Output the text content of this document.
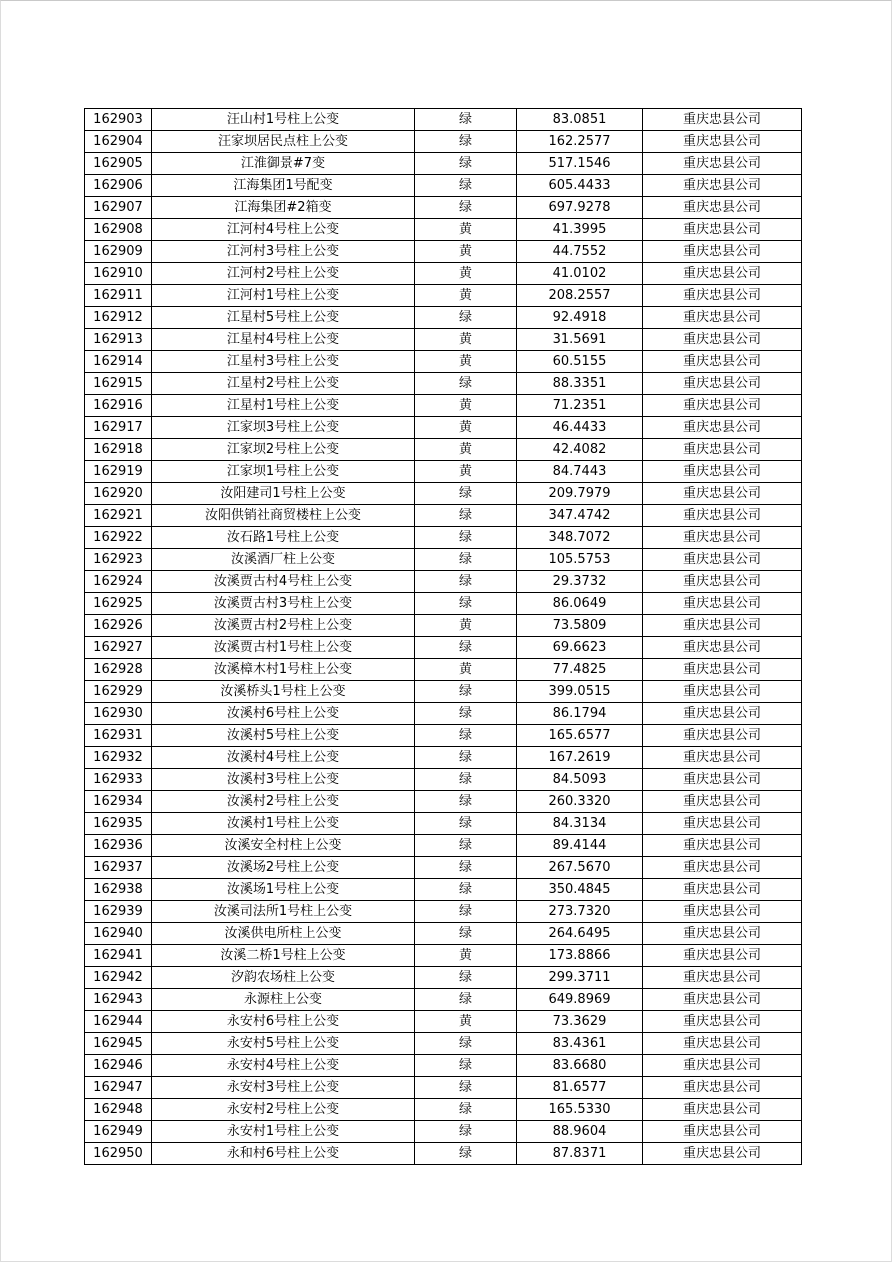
162903	汪山村1号柱上公变	绿	83.0851	重庆忠县公司
162904	汪家坝居民点柱上公变	绿	162.2577	重庆忠县公司
162905	江淮御景#7变	绿	517.1546	重庆忠县公司
162906	江海集团1号配变	绿	605.4433	重庆忠县公司
162907	江海集团#2箱变	绿	697.9278	重庆忠县公司
162908	江河村4号柱上公变	黄	41.3995	重庆忠县公司
162909	江河村3号柱上公变	黄	44.7552	重庆忠县公司
162910	江河村2号柱上公变	黄	41.0102	重庆忠县公司
162911	江河村1号柱上公变	黄	208.2557	重庆忠县公司
162912	江星村5号柱上公变	绿	92.4918	重庆忠县公司
162913	江星村4号柱上公变	黄	31.5691	重庆忠县公司
162914	江星村3号柱上公变	黄	60.5155	重庆忠县公司
162915	江星村2号柱上公变	绿	88.3351	重庆忠县公司
162916	江星村1号柱上公变	黄	71.2351	重庆忠县公司
162917	江家坝3号柱上公变	黄	46.4433	重庆忠县公司
162918	江家坝2号柱上公变	黄	42.4082	重庆忠县公司
162919	江家坝1号柱上公变	黄	84.7443	重庆忠县公司
162920	汝阳建司1号柱上公变	绿	209.7979	重庆忠县公司
162921	汝阳供销社商贸楼柱上公变	绿	347.4742	重庆忠县公司
162922	汝石路1号柱上公变	绿	348.7072	重庆忠县公司
162923	汝溪酒厂柱上公变	绿	105.5753	重庆忠县公司
162924	汝溪贾古村4号柱上公变	绿	29.3732	重庆忠县公司
162925	汝溪贾古村3号柱上公变	绿	86.0649	重庆忠县公司
162926	汝溪贾古村2号柱上公变	黄	73.5809	重庆忠县公司
162927	汝溪贾古村1号柱上公变	绿	69.6623	重庆忠县公司
162928	汝溪樟木村1号柱上公变	黄	77.4825	重庆忠县公司
162929	汝溪桥头1号柱上公变	绿	399.0515	重庆忠县公司
162930	汝溪村6号柱上公变	绿	86.1794	重庆忠县公司
162931	汝溪村5号柱上公变	绿	165.6577	重庆忠县公司
162932	汝溪村4号柱上公变	绿	167.2619	重庆忠县公司
162933	汝溪村3号柱上公变	绿	84.5093	重庆忠县公司
162934	汝溪村2号柱上公变	绿	260.3320	重庆忠县公司
162935	汝溪村1号柱上公变	绿	84.3134	重庆忠县公司
162936	汝溪安全村柱上公变	绿	89.4144	重庆忠县公司
162937	汝溪场2号柱上公变	绿	267.5670	重庆忠县公司
162938	汝溪场1号柱上公变	绿	350.4845	重庆忠县公司
162939	汝溪司法所1号柱上公变	绿	273.7320	重庆忠县公司
162940	汝溪供电所柱上公变	绿	264.6495	重庆忠县公司
162941	汝溪二桥1号柱上公变	黄	173.8866	重庆忠县公司
162942	汐韵农场柱上公变	绿	299.3711	重庆忠县公司
162943	永源柱上公变	绿	649.8969	重庆忠县公司
162944	永安村6号柱上公变	黄	73.3629	重庆忠县公司
162945	永安村5号柱上公变	绿	83.4361	重庆忠县公司
162946	永安村4号柱上公变	绿	83.6680	重庆忠县公司
162947	永安村3号柱上公变	绿	81.6577	重庆忠县公司
162948	永安村2号柱上公变	绿	165.5330	重庆忠县公司
162949	永安村1号柱上公变	绿	88.9604	重庆忠县公司
162950	永和村6号柱上公变	绿	87.8371	重庆忠县公司
